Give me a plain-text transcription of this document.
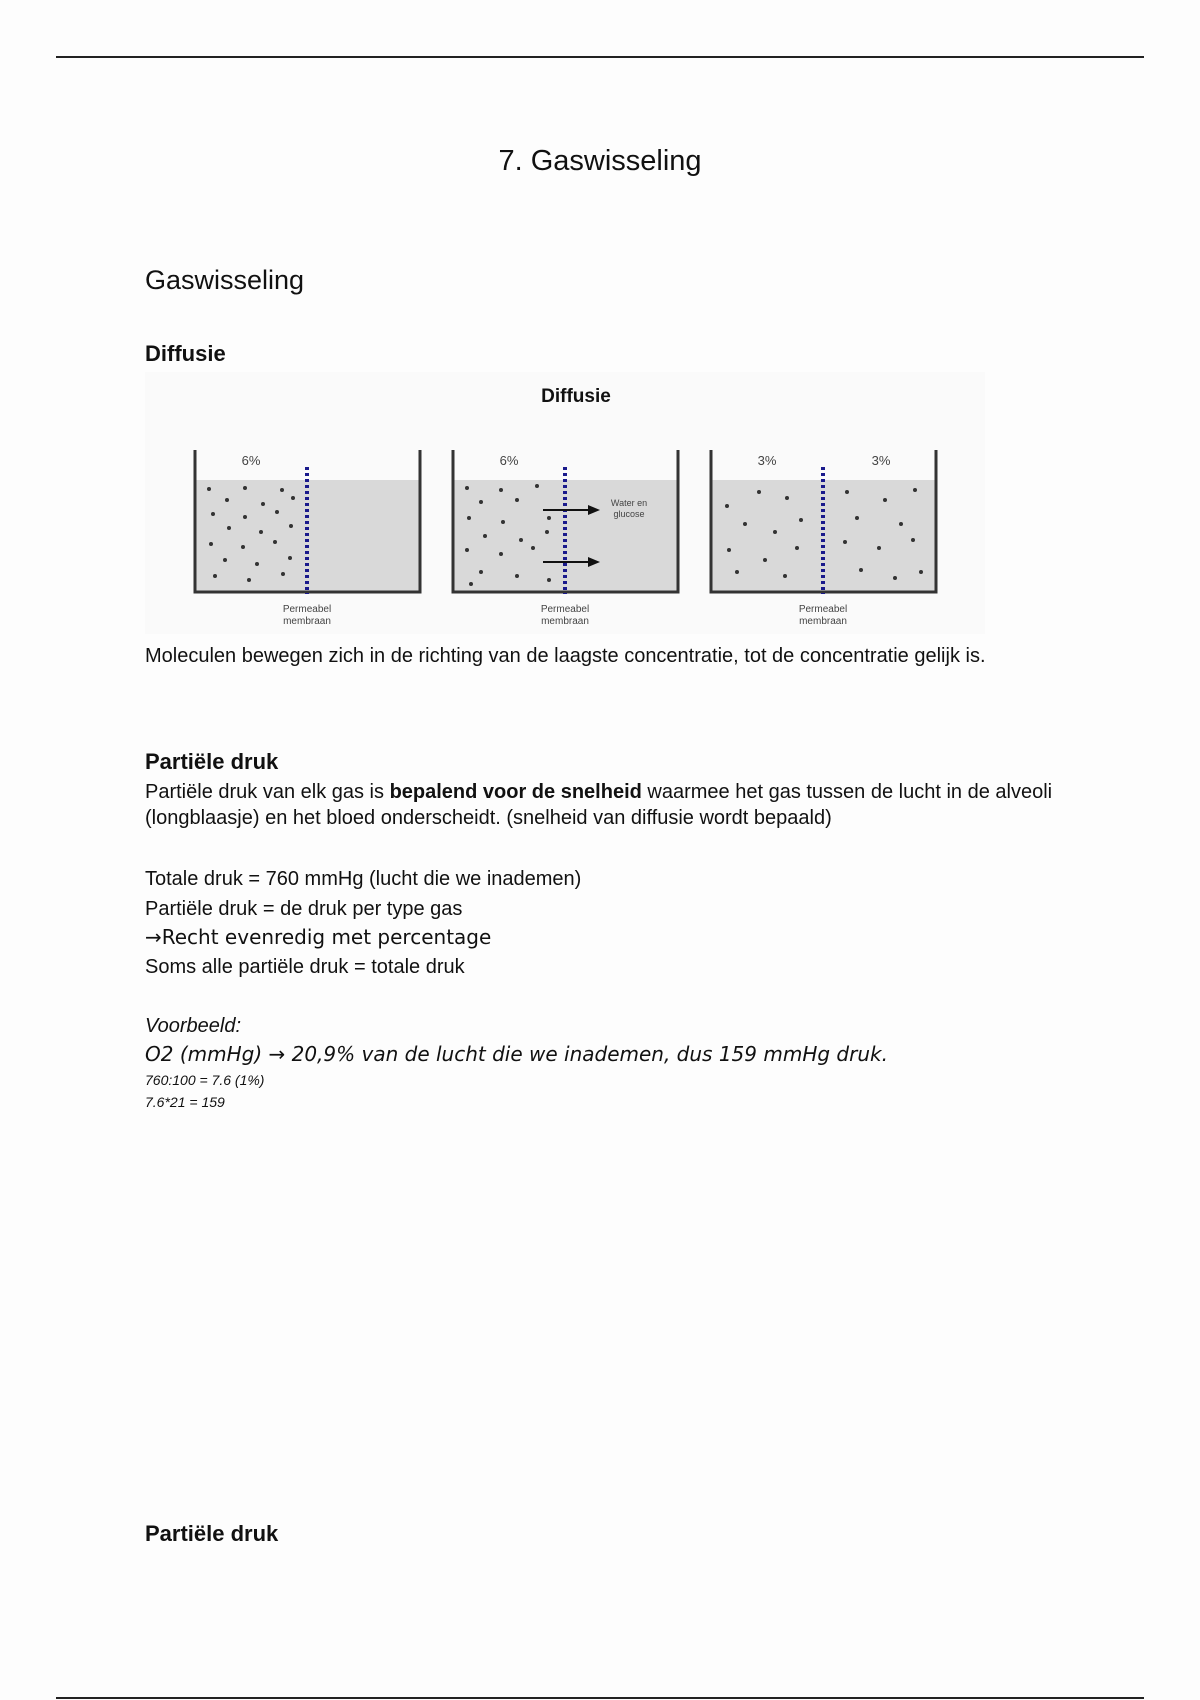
7. Gaswisseling
Gaswisseling
Diffusie
Diffusie
6%
Permeabel
membraan
6%
Water en
glucose
Permeabel
membraan
3%	3%
Permeabel
membraan

Moleculen bewegen zich in de richting van de laagste concentratie, tot de concentratie gelijk is.

Partiële druk

Partiële druk van elk gas is bepalend voor de snelheid waarmee het gas tussen de lucht in de alveoli (longblaasje) en het bloed onderscheidt. (snelheid van diffusie wordt bepaald)

Totale druk = 760 mmHg (lucht die we inademen)
Partiële druk = de druk per type gas
→Recht evenredig met percentage
Soms alle partiële druk = totale druk
Voorbeeld:
O2 (mmHg) → 20,9% van de lucht die we inademen, dus 159 mmHg druk.
760:100 = 7.6 (1%)
7.6*21 = 159
Partiële druk
